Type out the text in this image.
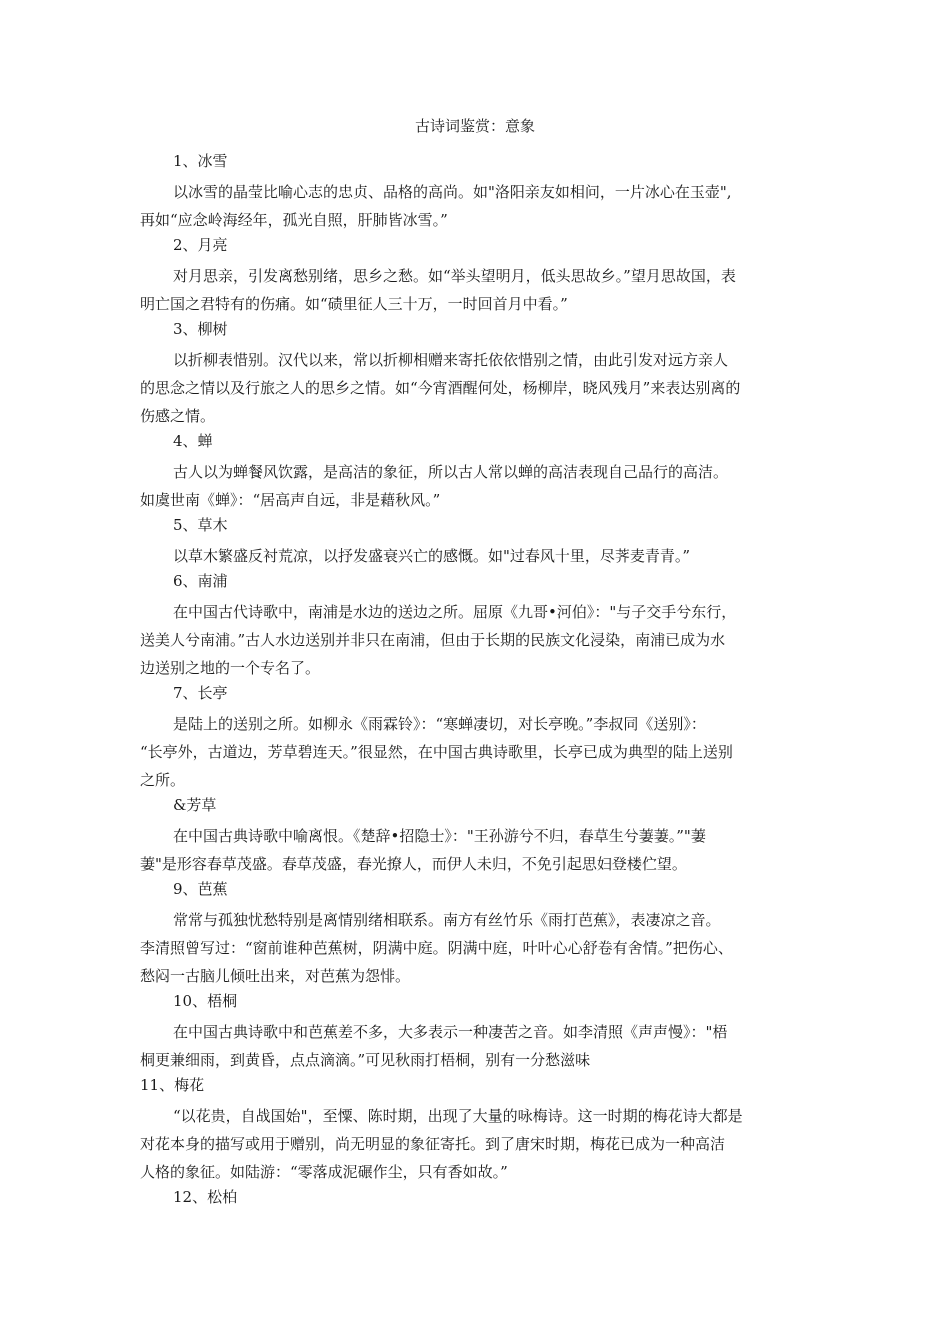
古诗词鉴赏：意象
1、冰雪
以冰雪的晶莹比喻心志的忠贞、品格的高尚。如"洛阳亲友如相问，一片冰心在玉壶",
再如“应念岭海经年，孤光自照，肝肺皆冰雪。”
2、月亮
对月思亲，引发离愁别绪，思乡之愁。如“举头望明月，低头思故乡。”望月思故国，表
明亡国之君特有的伤痛。如“碛里征人三十万，一时回首月中看。”
3、柳树
以折柳表惜别。汉代以来，常以折柳相赠来寄托依依惜别之情，由此引发对远方亲人
的思念之情以及行旅之人的思乡之情。如“今宵酒醒何处，杨柳岸，晓风残月”来表达别离的
伤感之情。
4、蝉
古人以为蝉餐风饮露，是高洁的象征，所以古人常以蝉的高洁表现自己品行的高洁。
如虞世南《蝉》：“居高声自远，非是藉秋风。”
5、草木
以草木繁盛反衬荒凉，以抒发盛衰兴亡的感慨。如"过春风十里，尽荠麦青青。”
6、南浦
在中国古代诗歌中，南浦是水边的送边之所。屈原《九哥•河伯》："与子交手兮东行，
送美人兮南浦。”古人水边送别并非只在南浦，但由于长期的民族文化浸染，南浦已成为水
边送别之地的一个专名了。
7、长亭
是陆上的送别之所。如柳永《雨霖铃》：“寒蝉凄切，对长亭晚。”李叔同《送别》：
“长亭外，古道边，芳草碧连天。”很显然，在中国古典诗歌里，长亭已成为典型的陆上送别
之所。
&芳草
在中国古典诗歌中喻离恨。《楚辞•招隐士》："王孙游兮不归，春草生兮萋萋。”"萋
萋"是形容春草茂盛。春草茂盛，春光撩人，而伊人未归，不免引起思妇登楼伫望。
9、芭蕉
常常与孤独忧愁特别是离情别绪相联系。南方有丝竹乐《雨打芭蕉》，表凄凉之音。
李清照曾写过：“窗前谁种芭蕉树，阴满中庭。阴满中庭，叶叶心心舒卷有舍情。”把伤心、
愁闷一古脑儿倾吐出来，对芭蕉为怨悱。
10、梧桐
在中国古典诗歌中和芭蕉差不多，大多表示一种凄苦之音。如李清照《声声慢》："梧
桐更兼细雨，到黄昏，点点滴滴。”可见秋雨打梧桐，别有一分愁滋味
11、梅花
“以花贵，自战国始"，至憟、陈时期，出现了大量的咏梅诗。这一时期的梅花诗大都是
对花本身的描写或用于赠别，尚无明显的象征寄托。到了唐宋时期，梅花已成为一种高洁
人格的象征。如陆游：“零落成泥碾作尘，只有香如故。”
12、松柏
